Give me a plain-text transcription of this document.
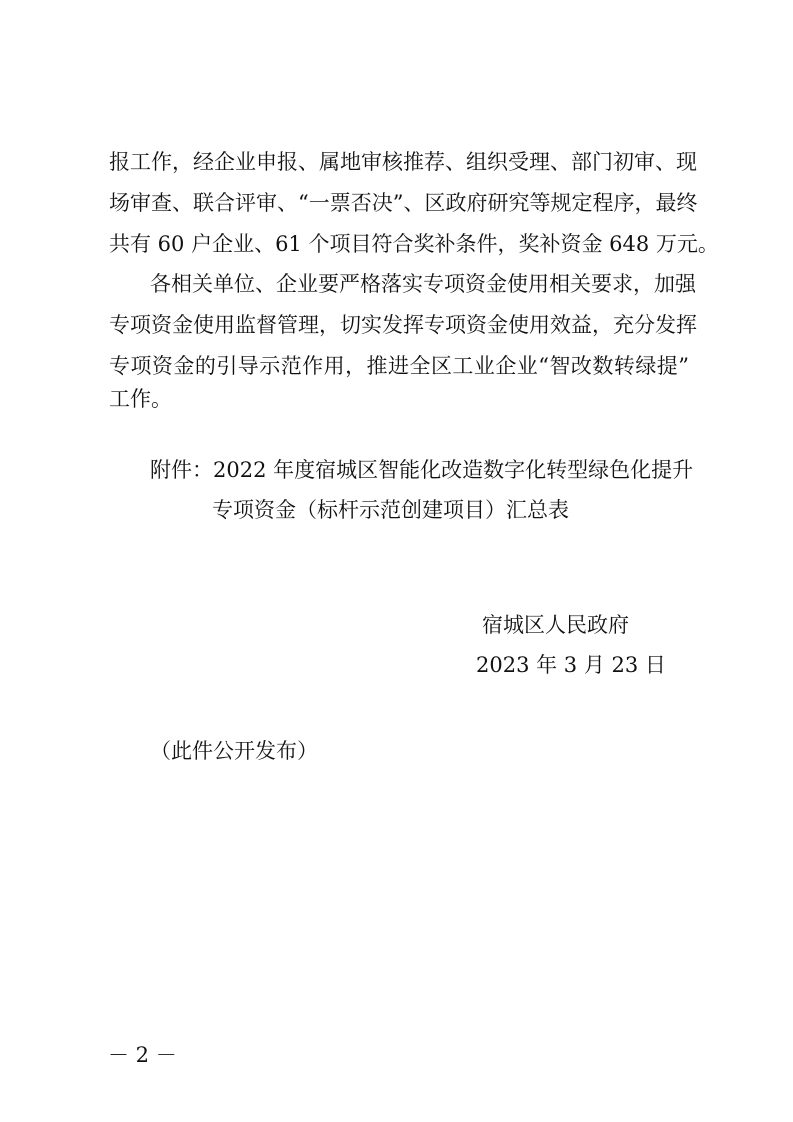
报工作，经企业申报、属地审核推荐、组织受理、部门初审、现
场审查、联合评审、“一票否决”、区政府研究等规定程序，最终
共有 60 户企业、61 个项目符合奖补条件，奖补资金 648 万元。
各相关单位、企业要严格落实专项资金使用相关要求，加强
专项资金使用监督管理，切实发挥专项资金使用效益，充分发挥
专项资金的引导示范作用，推进全区工业企业“智改数转绿提”
工作。
附件：2022 年度宿城区智能化改造数字化转型绿色化提升
专项资金（标杆示范创建项目）汇总表
宿城区人民政府
2023 年 3 月 23 日
（此件公开发布）
－ 2 －
